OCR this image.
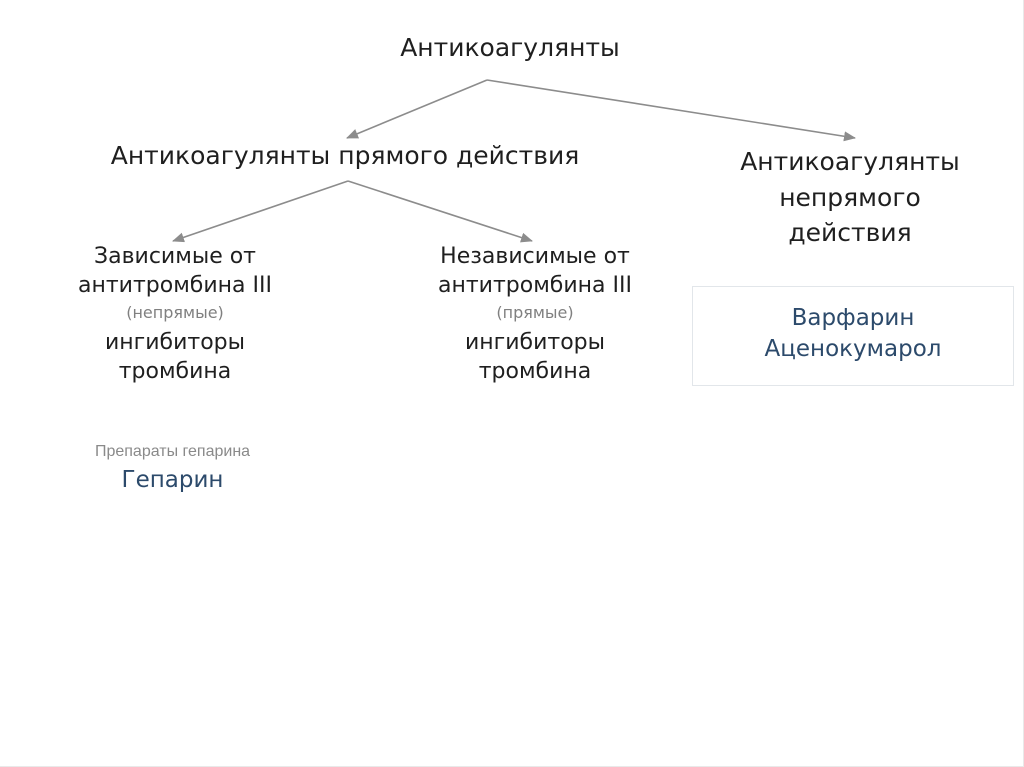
Антикоагулянты
Антикоагулянты прямого действия	Антикоагулянты
непрямого
действия
Зависимые от
антитромбина III
(непрямые)
ингибиторы
тромбина
Независимые от
антитромбина III
(прямые)
ингибиторы
тромбина
Варфарин
Аценокумарол
Препараты гепарина
Гепарин
